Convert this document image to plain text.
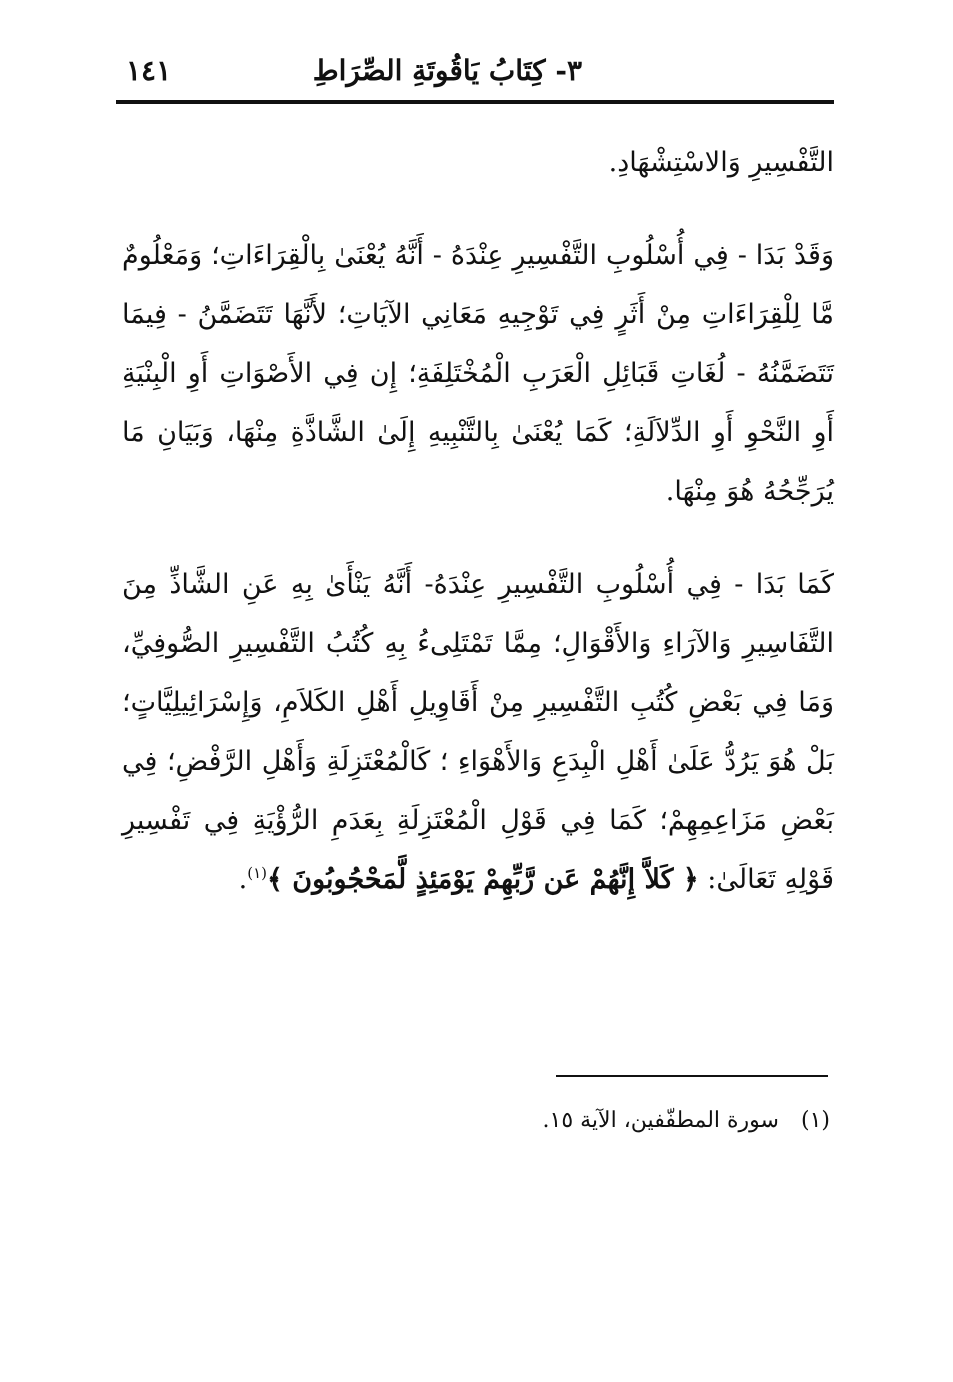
٣- كِتَابُ يَاقُوتَةِ الصِّرَاطِ
١٤١

التَّفْسِيرِ وَالاسْتِشْهَادِ.

وَقَدْ بَدَا - فِي أُسْلُوبِ التَّفْسِيرِ عِنْدَهُ - أَنَّهُ يُعْنَىٰ بِالْقِرَاءَاتِ؛ وَمَعْلُومٌ مَّا لِلْقِرَاءَاتِ مِنْ أَثَرٍ فِي تَوْجِيهِ مَعَانِي الآيَاتِ؛ لأَنَّهَا تَتَضَمَّنُ - فِيمَا تَتَضَمَّنُهُ - لُغَاتِ قَبَائِلِ الْعَرَبِ الْمُخْتَلِفَةِ؛ إِن فِي الأَصْوَاتِ أَوِ الْبِنْيَةِ أَوِ النَّحْوِ أَوِ الدِّلاَلَةِ؛ كَمَا يُعْنَىٰ بِالتَّنْبِيهِ إِلَىٰ الشَّاذَّةِ مِنْهَا، وَبَيَانِ مَا يُرَجِّحُهُ هُوَ مِنْهَا.

كَمَا بَدَا - فِي أُسْلُوبِ التَّفْسِيرِ عِنْدَهُ- أَنَّهُ يَنْأَىٰ بِهِ عَنِ الشَّاذِّ مِنَ التَّفَاسِيرِ وَالآرَاءِ وَالأَقْوَالِ؛ مِمَّا تَمْتَلِىءُ بِهِ كُتُبُ التَّفْسِيرِ الصُّوفِيِّ، وَمَا فِي بَعْضِ كُتُبِ التَّفْسِيرِ مِنْ أَقَاوِيلِ أَهْلِ الكَلاَمِ، وَإِسْرَائِيلِيَّاتٍ؛ بَلْ هُوَ يَرُدُّ عَلَىٰ أَهْلِ الْبِدَعِ وَالأَهْوَاءِ ؛ كَالْمُعْتَزِلَةِ وَأَهْلِ الرَّفْضِ؛ فِي بَعْضِ مَزَاعِمِهِمْ؛ كَمَا فِي قَوْلِ الْمُعْتَزِلَةِ بِعَدَمِ الرُّؤْيَةِ فِي تَفْسِيرِ قَوْلِهِ تَعَالَىٰ: ﴿ كَلاَّ إِنَّهُمْ عَن رَّبِّهِمْ يَوْمَئِذٍ لَّمَحْجُوبُونَ ﴾$^{(١)}$.

(١)سورة المطفّفين، الآية ١٥.
